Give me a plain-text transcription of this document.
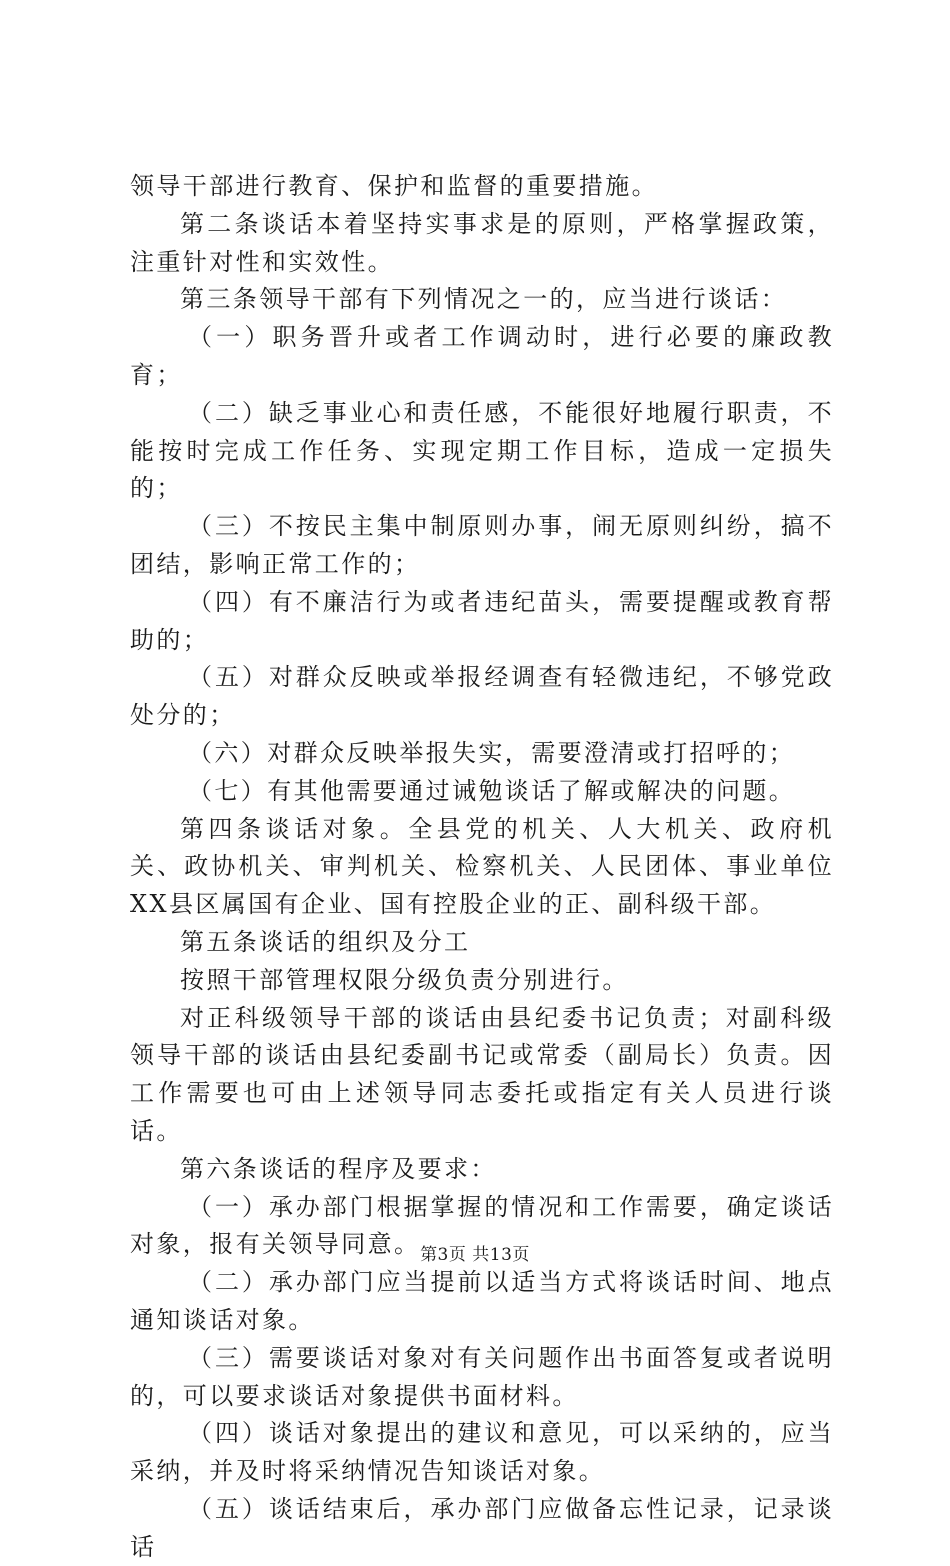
领导干部进行教育、保护和监督的重要措施。

第二条谈话本着坚持实事求是的原则，严格掌握政策，注重针对性和实效性。

第三条领导干部有下列情况之一的，应当进行谈话：

（一）职务晋升或者工作调动时，进行必要的廉政教育；

（二）缺乏事业心和责任感，不能很好地履行职责，不能按时完成工作任务、实现定期工作目标，造成一定损失的；

（三）不按民主集中制原则办事，闹无原则纠纷，搞不团结，影响正常工作的；

（四）有不廉洁行为或者违纪苗头，需要提醒或教育帮助的；

（五）对群众反映或举报经调查有轻微违纪，不够党政处分的；

（六）对群众反映举报失实，需要澄清或打招呼的；

（七）有其他需要通过诫勉谈话了解或解决的问题。

第四条谈话对象。全县党的机关、人大机关、政府机关、政协机关、审判机关、检察机关、人民团体、事业单位XX县区属国有企业、国有控股企业的正、副科级干部。

第五条谈话的组织及分工

按照干部管理权限分级负责分别进行。

对正科级领导干部的谈话由县纪委书记负责；对副科级领导干部的谈话由县纪委副书记或常委（副局长）负责。因工作需要也可由上述领导同志委托或指定有关人员进行谈话。

第六条谈话的程序及要求：

（一）承办部门根据掌握的情况和工作需要，确定谈话对象，报有关领导同意。

（二）承办部门应当提前以适当方式将谈话时间、地点通知谈话对象。

（三）需要谈话对象对有关问题作出书面答复或者说明的，可以要求谈话对象提供书面材料。

（四）谈话对象提出的建议和意见，可以采纳的，应当采纳，并及时将采纳情况告知谈话对象。

（五）谈话结束后，承办部门应做备忘性记录，记录谈话

第3页 共13页
